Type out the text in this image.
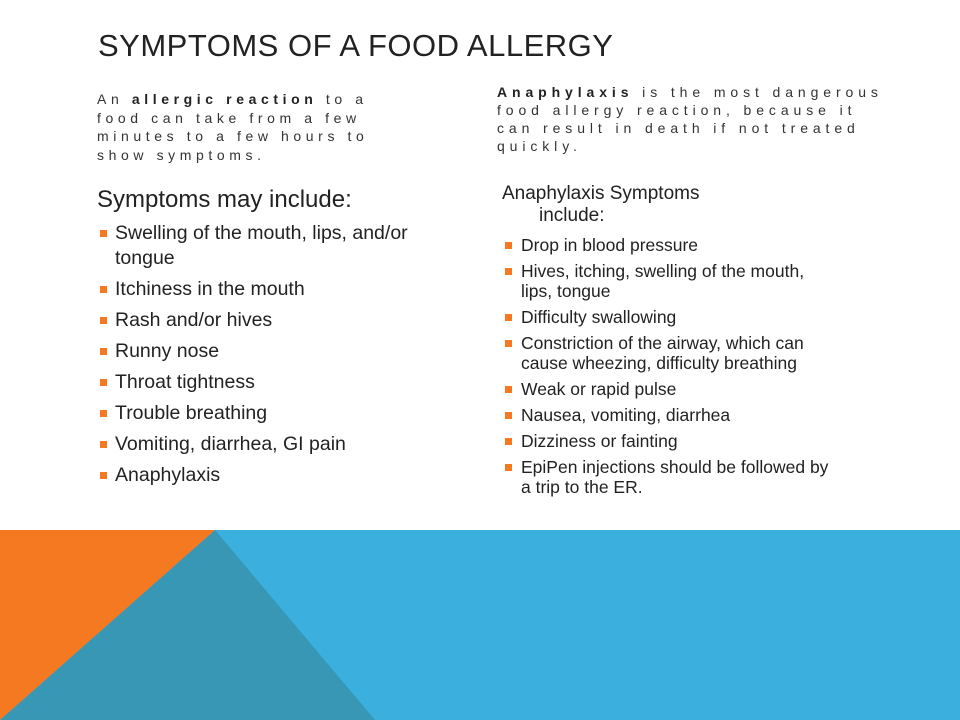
SYMPTOMS OF A FOOD ALLERGY

An allergic reaction to a food can take from a few minutes to a few hours to show symptoms.

Anaphylaxis is the most dangerous food allergy reaction, because it can result in death if not treated quickly.

Symptoms may include:	Anaphylaxis Symptoms
include:
Swelling of the mouth, lips, and/or tongue
Itchiness in the mouth
Rash and/or hives
Runny nose
Throat tightness
Trouble breathing
Vomiting, diarrhea, GI pain
Anaphylaxis
Drop in blood pressure
Hives, itching, swelling of the mouth, lips, tongue
Difficulty swallowing
Constriction of the airway, which can cause wheezing, difficulty breathing
Weak or rapid pulse
Nausea, vomiting, diarrhea
Dizziness or fainting
EpiPen injections should be followed by a trip to the ER.
